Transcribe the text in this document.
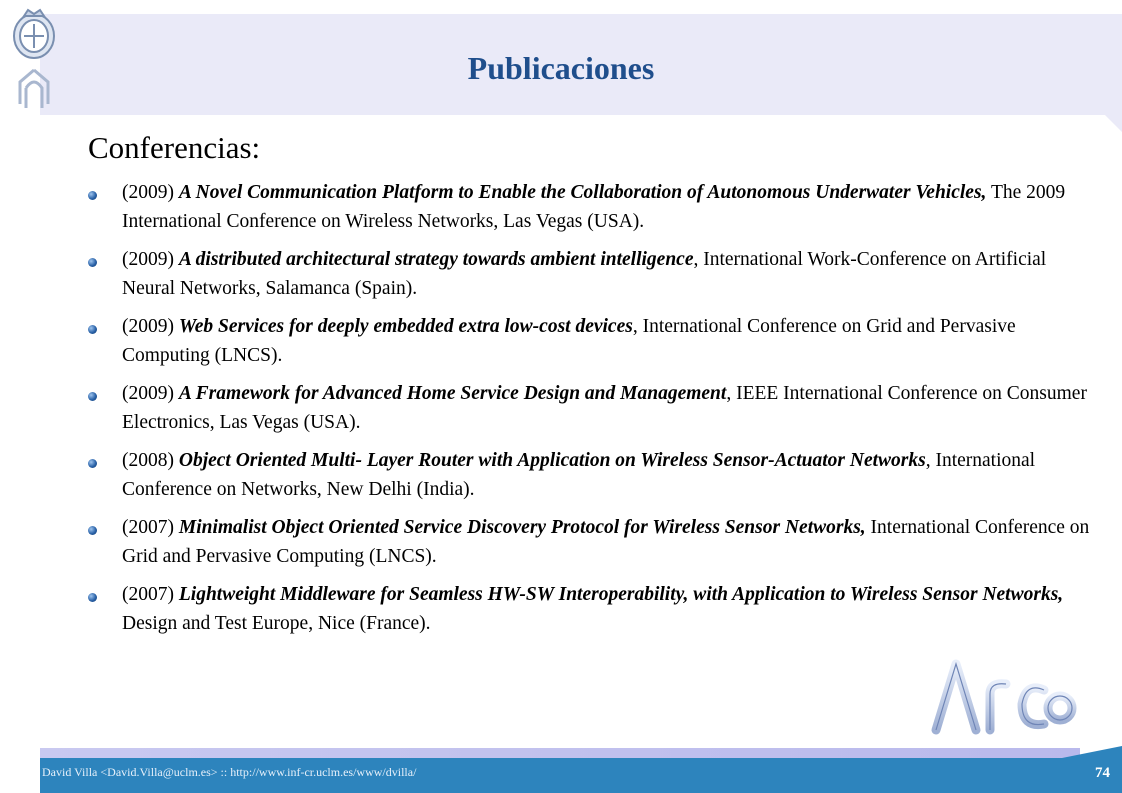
Publicaciones
Conferencias:
(2009) A Novel Communication Platform to Enable the Collaboration of Autonomous Underwater Vehicles, The 2009 International Conference on Wireless Networks, Las Vegas (USA).
(2009) A distributed architectural strategy towards ambient intelligence, International Work-Conference on Artificial Neural Networks, Salamanca (Spain).
(2009) Web Services for deeply embedded extra low-cost devices, International Conference on Grid and Pervasive Computing (LNCS).
(2009) A Framework for Advanced Home Service Design and Management, IEEE International Conference on Consumer Electronics, Las Vegas (USA).
(2008) Object Oriented Multi- Layer Router with Application on Wireless Sensor-Actuator Networks, International Conference on Networks, New Delhi (India).
(2007) Minimalist Object Oriented Service Discovery Protocol for Wireless Sensor Networks, International Conference on Grid and Pervasive Computing (LNCS).
(2007) Lightweight Middleware for Seamless HW-SW Interoperability, with Application to Wireless Sensor Networks, Design and Test Europe, Nice (France).
ArCo
David Villa <David.Villa@uclm.es> :: http://www.inf-cr.uclm.es/www/dvilla/	74
